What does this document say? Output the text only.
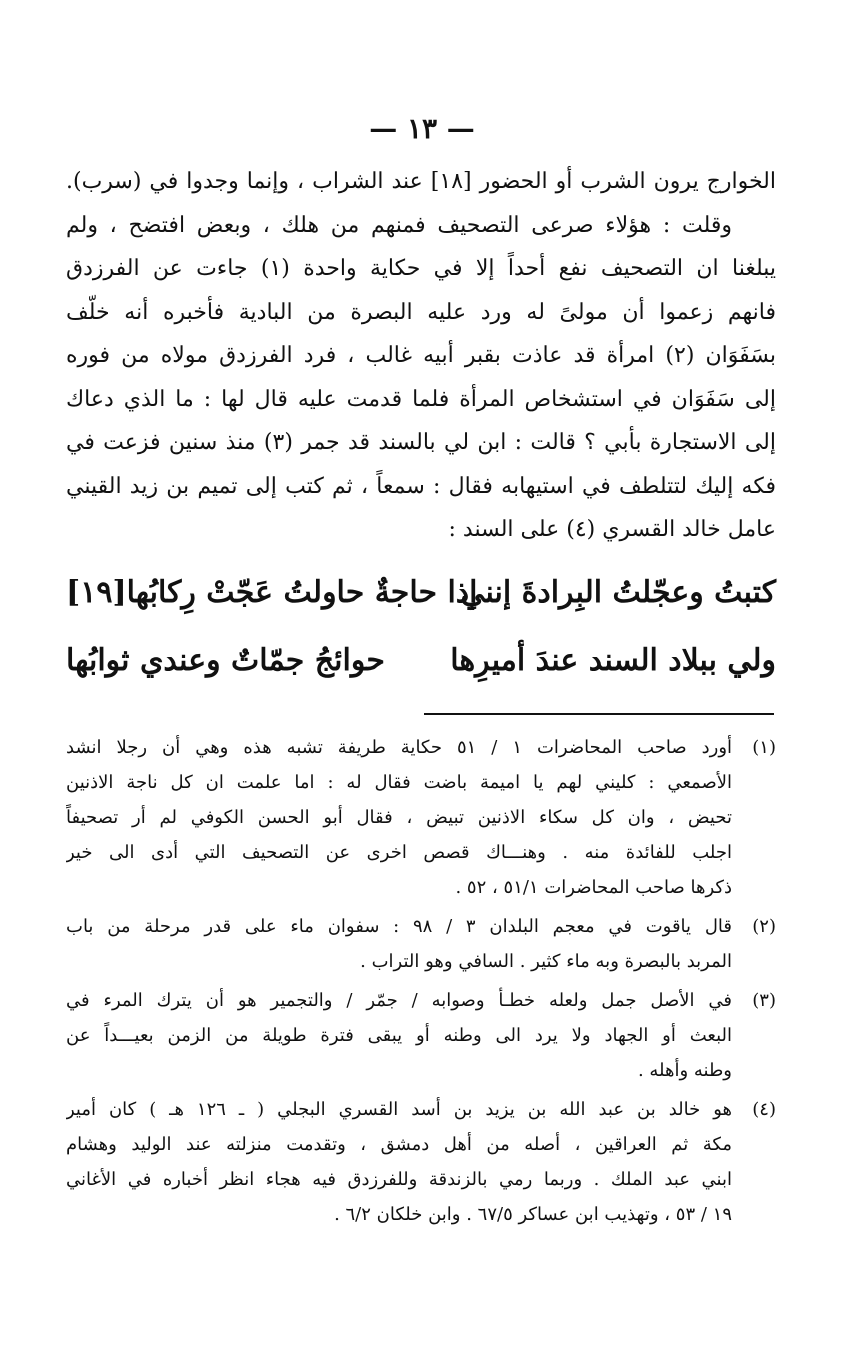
— ١٣ —
الخوارج يرون الشرب أو الحضور [١٨] عند الشراب ، وإنما وجدوا في (سرب).
وقلت : هؤلاء صرعى التصحيف فمنهم من هلك ، وبعض افتضح ، ولم
يبلغنا ان التصحيف نفع أحداً إلا في حكاية واحدة (١) جاءت عن الفرزدق
فانهم زعموا أن مولىً له ورد عليه البصرة من البادية فأخبره أنه خلّف
بسَفَوَان (٢) امرأة قد عاذت بقبر أبيه غالب ، فرد الفرزدق مولاه من فوره
إلى سَفَوَان في استشخاص المرأة فلما قدمت عليه قال لها : ما الذي دعاك
إلى الاستجارة بأبي ؟ قالت : ابن لي بالسند قد جمر (٣) منذ سنين فزعت في
فكه إليك لتتلطف في استيهابه فقال : سمعاً ، ثم كتب إلى تميم بن زيد القيني
عامل خالد القسري (٤) على السند :
كتبتُ وعجّلتُ البِرادةَ إنني
إذا حاجةٌ حاولتُ عَجّتْ رِكابُها[١٩]
ولي ببلاد السند عندَ أميرِها
حوائجُ جمّاتٌ وعندي ثوابُها
(١)
أورد صاحب المحاضرات ١ / ٥١ حكاية طريفة تشبه هذه وهي أن رجلا انشد
الأصمعي : كليني لهم يا اميمة باضت فقال له : اما علمت ان كل ناجة الاذنين
تحيض ، وان كل سكاء الاذنين تبيض ، فقال أبو الحسن الكوفي لم أر تصحيفاً
اجلب للفائدة منه . وهنـــاك قصص اخرى عن التصحيف التي أدى الى خير
ذكرها صاحب المحاضرات ٥١/١ ، ٥٢ .
(٢)
قال ياقوت في معجم البلدان ٣ / ٩٨ : سفوان ماء على قدر مرحلة من باب
المربد بالبصرة وبه ماء كثير . السافي وهو التراب .
(٣)
في الأصل جمل ولعله خطـأ وصوابه / جمّر / والتجمير هو أن يترك المرء في
البعث أو الجهاد ولا يرد الى وطنه أو يبقى فترة طويلة من الزمن بعيـــداً عن
وطنه وأهله .
(٤)
هو خالد بن عبد الله بن يزيد بن أسد القسري البجلي ( ـ ١٢٦ هـ ) كان أمير
مكة ثم العراقين ، أصله من أهل دمشق ، وتقدمت منزلته عند الوليد وهشام
ابني عبد الملك . وربما رمي بالزندقة وللفرزدق فيه هجاء انظر أخباره في الأغاني
١٩ / ٥٣ ، وتهذيب ابن عساكر ٦٧/٥ . وابن خلكان ٦/٢ .
